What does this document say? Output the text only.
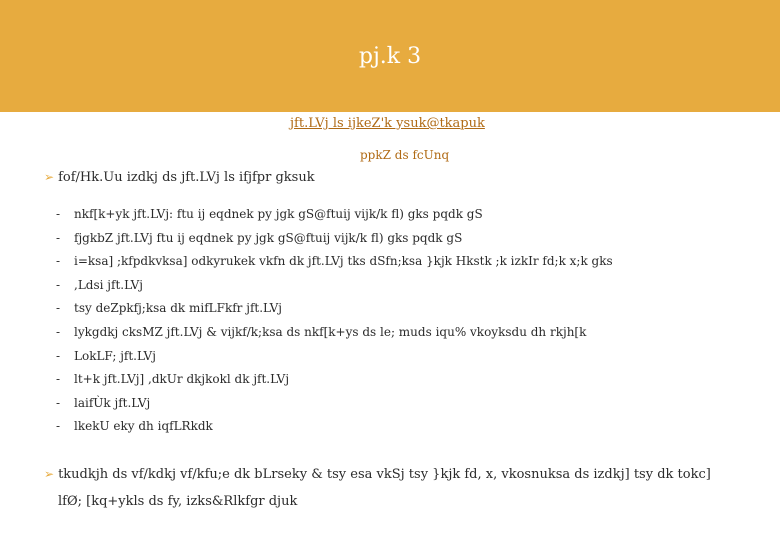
pj.k 3
jft.LVj ls ijkeZ'k ysuk@tkapuk
ppkZ ds fcUnq
➢ fof/Hk.Uu izdkj ds jft.LVj ls ifjfpr gksuk
- nkf[k+yk jft.LVj: ftu ij eqdnek py jgk gS@ftuij vijk/k fl) gks pqdk gS
- fjgkbZ jft.LVj ftu ij eqdnek py jgk gS@ftuij vijk/k fl) gks pqdk gS
- i=ksa] ;kfpdkvksa] odkyrukek vkfn dk jft.LVj tks dSfn;ksa }kjk Hkstk ;k izkIr fd;k x;k gks
- ,Ldsi jft.LVj
- tsy deZpkfj;ksa dk mifLFkfr jft.LVj
- lykgdkj cksMZ jft.LVj & vijkf/k;ksa ds nkf[k+ys ds le; muds iqu% vkoyksdu dh rkjh[k
- LokLF; jft.LVj
- lt+k jft.LVj] ,dkUr dkjkokl dk jft.LVj
- laifÙk jft.LVj
- lkekU eky dh iqfLRkdk
➢ tkudkjh ds vf/kdkj vf/kfu;e dk bLrseky & tsy esa vkSj tsy }kjk fd, x, vkosnuksa ds izdkj] tsy dk tokc]
lfØ; [kq+ykls ds fy, izks&Rlkfgr djuk
